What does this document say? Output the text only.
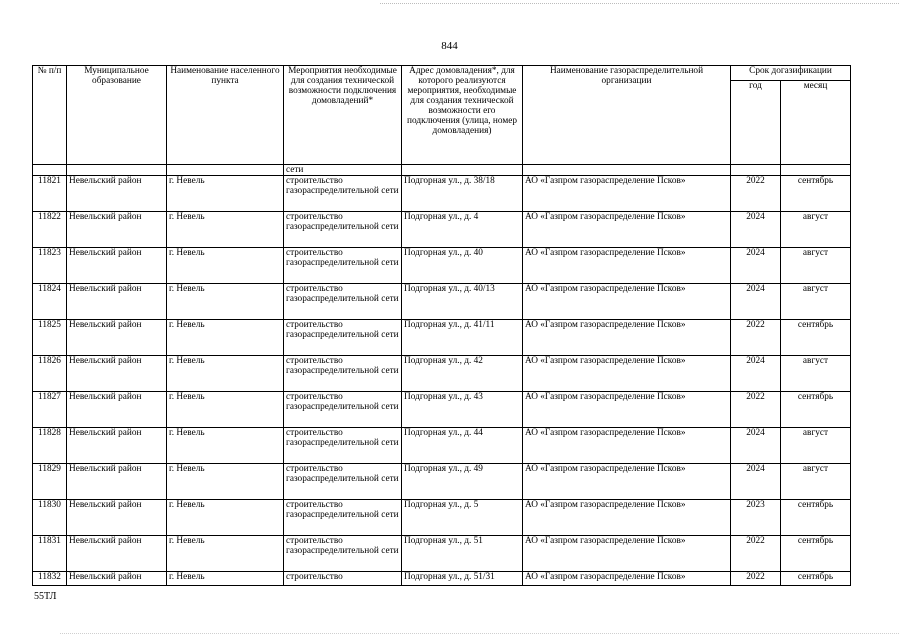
844
№ п/п	Муниципальное образование	Наименование населенного пункта	Мероприятия необходимые для создания технической возможности подключения домовладений*	Адрес домовладения*, для которого реализуются мероприятия, необходимые для создания технической возможности его подключения (улица, номер домовладения)	Наименование газораспределительной организации	Срок догазификации	
						год	месяц
			сети				
11821	Невельский район	г. Невель	строительство газораспределительной сети	Подгорная ул., д. 38/18	АО «Газпром газораспределение Псков»	2022	сентябрь
11822	Невельский район	г. Невель	строительство газораспределительной сети	Подгорная ул., д. 4	АО «Газпром газораспределение Псков»	2024	август
11823	Невельский район	г. Невель	строительство газораспределительной сети	Подгорная ул., д. 40	АО «Газпром газораспределение Псков»	2024	август
11824	Невельский район	г. Невель	строительство газораспределительной сети	Подгорная ул., д. 40/13	АО «Газпром газораспределение Псков»	2024	август
11825	Невельский район	г. Невель	строительство газораспределительной сети	Подгорная ул., д. 41/11	АО «Газпром газораспределение Псков»	2022	сентябрь
11826	Невельский район	г. Невель	строительство газораспределительной сети	Подгорная ул., д. 42	АО «Газпром газораспределение Псков»	2024	август
11827	Невельский район	г. Невель	строительство газораспределительной сети	Подгорная ул., д. 43	АО «Газпром газораспределение Псков»	2022	сентябрь
11828	Невельский район	г. Невель	строительство газораспределительной сети	Подгорная ул., д. 44	АО «Газпром газораспределение Псков»	2024	август
11829	Невельский район	г. Невель	строительство газораспределительной сети	Подгорная ул., д. 49	АО «Газпром газораспределение Псков»	2024	август
11830	Невельский район	г. Невель	строительство газораспределительной сети	Подгорная ул., д. 5	АО «Газпром газораспределение Псков»	2023	сентябрь
11831	Невельский район	г. Невель	строительство газораспределительной сети	Подгорная ул., д. 51	АО «Газпром газораспределение Псков»	2022	сентябрь
11832	Невельский район	г. Невель	строительство	Подгорная ул., д. 51/31	АО «Газпром газораспределение Псков»	2022	сентябрь
55ТЛ
